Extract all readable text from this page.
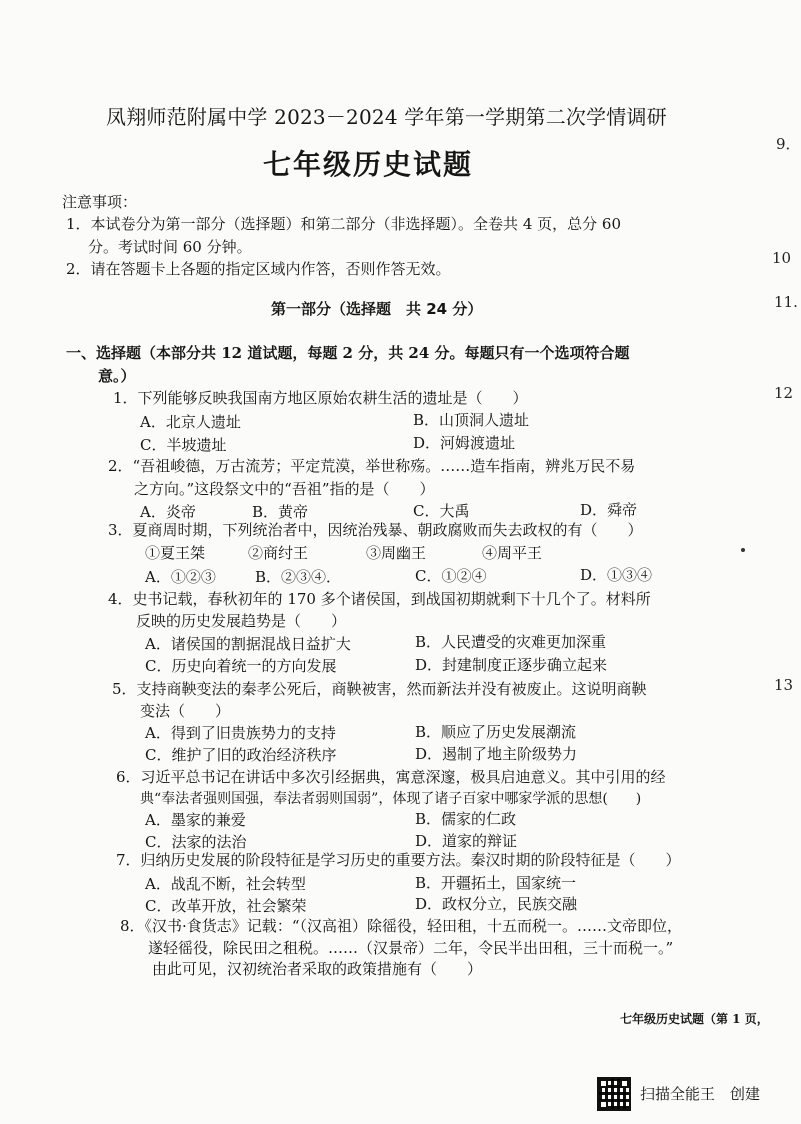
凤翔师范附属中学 2023－2024 学年第一学期第二次学情调研
七年级历史试题
注意事项：
1．本试卷分为第一部分（选择题）和第二部分（非选择题）。全卷共 4 页，总分 60
分。考试时间 60 分钟。
2．请在答题卡上各题的指定区域内作答，否则作答无效。
第一部分（选择题　共 24 分）
一、选择题（本部分共 12 道试题，每题 2 分，共 24 分。每题只有一个选项符合题
意。）
1．下列能够反映我国南方地区原始农耕生活的遗址是（　　）
A．北京人遗址	B．山顶洞人遗址
C．半坡遗址	D．河姆渡遗址
2．“吾祖峻德，万古流芳；平定荒漠，举世称殇。……造车指南，辨兆万民不易
之方向。”这段祭文中的“吾祖”指的是（　　）
A．炎帝	B．黄帝	C．大禹	D．舜帝
3．夏商周时期，下列统治者中，因统治残暴、朝政腐败而失去政权的有（　　）
①夏王桀	②商纣王	③周幽王	④周平王
A．①②③	B．②③④．	C．①②④	D．①③④
4．史书记载，春秋初年的 170 多个诸侯国，到战国初期就剩下十几个了。材料所
反映的历史发展趋势是（　　）
A．诸侯国的割据混战日益扩大	B．人民遭受的灾难更加深重
C．历史向着统一的方向发展	D．封建制度正逐步确立起来
5．支持商鞅变法的秦孝公死后，商鞅被害，然而新法并没有被废止。这说明商鞅
变法（　　）
A．得到了旧贵族势力的支持	B．顺应了历史发展潮流
C．维护了旧的政治经济秩序	D．遏制了地主阶级势力
6．习近平总书记在讲话中多次引经据典，寓意深邃，极具启迪意义。其中引用的经
典“奉法者强则国强，奉法者弱则国弱”，体现了诸子百家中哪家学派的思想(　　)
A．墨家的兼爱	B．儒家的仁政
C．法家的法治	D．道家的辩证
7．归纳历史发展的阶段特征是学习历史的重要方法。秦汉时期的阶段特征是（　　）
A．战乱不断，社会转型	B．开疆拓土，国家统一
C．改革开放，社会繁荣	D．政权分立，民族交融
8．《汉书·食货志》记载：“（汉高祖）除徭役，轻田租，十五而税一。……文帝即位，
遂轻徭役，除民田之租税。……（汉景帝）二年，令民半出田租，三十而税一。”
由此可见，汉初统治者采取的政策措施有（　　）
9．
10
11.
12
13
七年级历史试题（第 1 页，
扫描全能王　创建
